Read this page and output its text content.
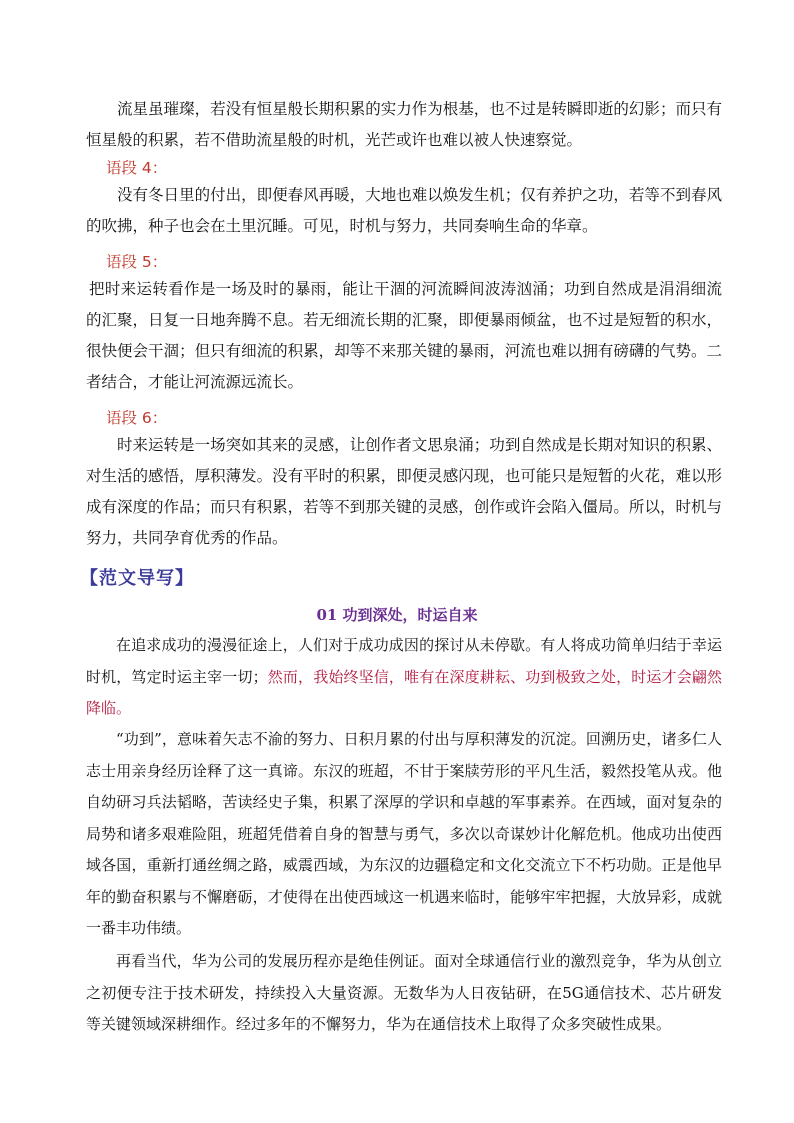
流星虽璀璨，若没有恒星般长期积累的实力作为根基，也不过是转瞬即逝的幻影；而只有恒星般的积累，若不借助流星般的时机，光芒或许也难以被人快速察觉。

语段 4：

没有冬日里的付出，即便春风再暖，大地也难以焕发生机；仅有养护之功，若等不到春风的吹拂，种子也会在土里沉睡。可见，时机与努力，共同奏响生命的华章。

语段 5：

把时来运转看作是一场及时的暴雨，能让干涸的河流瞬间波涛汹涌；功到自然成是涓涓细流的汇聚，日复一日地奔腾不息。若无细流长期的汇聚，即便暴雨倾盆，也不过是短暂的积水，很快便会干涸；但只有细流的积累，却等不来那关键的暴雨，河流也难以拥有磅礴的气势。二者结合，才能让河流源远流长。

语段 6：

时来运转是一场突如其来的灵感，让创作者文思泉涌；功到自然成是长期对知识的积累、对生活的感悟，厚积薄发。没有平时的积累，即便灵感闪现，也可能只是短暂的火花，难以形成有深度的作品；而只有积累，若等不到那关键的灵感，创作或许会陷入僵局。所以，时机与努力，共同孕育优秀的作品。

【范文导写】

01 功到深处，时运自来

在追求成功的漫漫征途上，人们对于成功成因的探讨从未停歇。有人将成功简单归结于幸运时机，笃定时运主宰一切；然而，我始终坚信，唯有在深度耕耘、功到极致之处，时运才会翩然降临。

“功到”，意味着矢志不渝的努力、日积月累的付出与厚积薄发的沉淀。回溯历史，诸多仁人志士用亲身经历诠释了这一真谛。东汉的班超，不甘于案牍劳形的平凡生活，毅然投笔从戎。他自幼研习兵法韬略，苦读经史子集，积累了深厚的学识和卓越的军事素养。在西域，面对复杂的局势和诸多艰难险阻，班超凭借着自身的智慧与勇气，多次以奇谋妙计化解危机。他成功出使西域各国，重新打通丝绸之路，威震西域，为东汉的边疆稳定和文化交流立下不朽功勋。正是他早年的勤奋积累与不懈磨砺，才使得在出使西域这一机遇来临时，能够牢牢把握，大放异彩，成就一番丰功伟绩。

再看当代，华为公司的发展历程亦是绝佳例证。面对全球通信行业的激烈竞争，华为从创立之初便专注于技术研发，持续投入大量资源。无数华为人日夜钻研，在5G通信技术、芯片研发等关键领域深耕细作。经过多年的不懈努力，华为在通信技术上取得了众多突破性成果。
